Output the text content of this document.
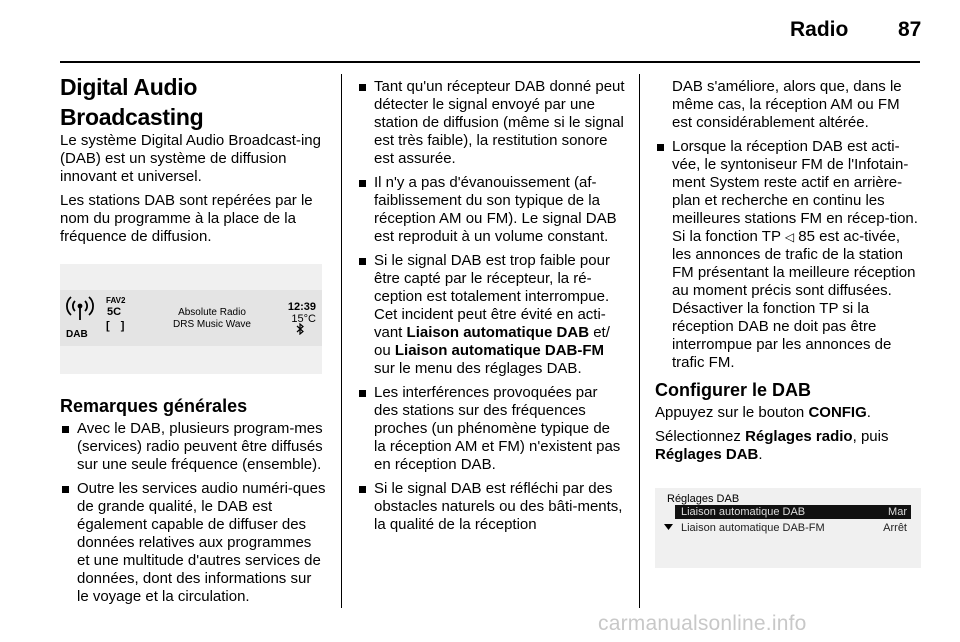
Radio 87
Digital Audio Broadcasting

Le système Digital Audio Broadcast-ing (DAB) est un système de diffusion innovant et universel.

Les stations DAB sont repérées par le nom du programme à la place de la fréquence de diffusion.

DAB
FAV2
5C
[ ]
Absolute Radio
DRS Music Wave
12:39
15°C
Remarques générales
Avec le DAB, plusieurs program-mes (services) radio peuvent être diffusés sur une seule fréquence (ensemble).
Outre les services audio numéri-ques de grande qualité, le DAB est également capable de diffuser des données relatives aux programmes et une multitude d'autres services de données, dont des informations sur le voyage et la circulation.
Tant qu'un récepteur DAB donné peut détecter le signal envoyé par une station de diffusion (même si le signal est très faible), la restitution sonore est assurée.
Il n'y a pas d'évanouissement (af-faiblissement du son typique de la réception AM ou FM). Le signal DAB est reproduit à un volume constant.
Si le signal DAB est trop faible pour être capté par le récepteur, la ré-ception est totalement interrompue. Cet incident peut être évité en acti-vant Liaison automatique DAB et/ ou Liaison automatique DAB-FM sur le menu des réglages DAB.
Les interférences provoquées par des stations sur des fréquences proches (un phénomène typique de la réception AM et FM) n'existent pas en réception DAB.
Si le signal DAB est réfléchi par des obstacles naturels ou des bâti-ments, la qualité de la réception

DAB s'améliore, alors que, dans le même cas, la réception AM ou FM est considérablement altérée.

Lorsque la réception DAB est acti-vée, le syntoniseur FM de l'Infotain-ment System reste actif en arrière-plan et recherche en continu les meilleures stations FM en récep-tion. Si la fonction TP ◁ 85 est ac-tivée, les annonces de trafic de la station FM présentant la meilleure réception au moment précis sont diffusées. Désactiver la fonction TP si la réception DAB ne doit pas être interrompue par les annonces de trafic FM.
Configurer le DAB

Appuyez sur le bouton CONFIG.

Sélectionnez Réglages radio, puis Réglages DAB.

Réglages DAB
Liaison automatique DAB	Mar
Liaison automatique DAB-FM	Arrêt
carmanualsonline.info
